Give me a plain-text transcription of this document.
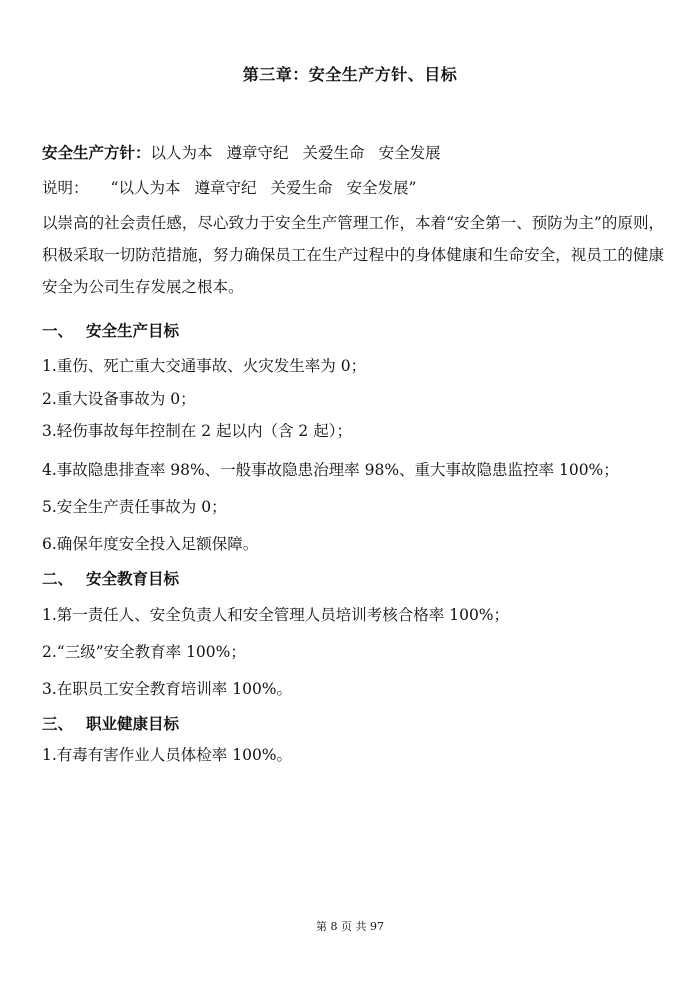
第三章：安全生产方针、目标
安全生产方针：以人为本 遵章守纪 关爱生命 安全发展
说明： “以人为本 遵章守纪 关爱生命 安全发展”
以崇高的社会责任感，尽心致力于安全生产管理工作，本着“安全第一、预防为主”的原则，积极采取一切防范措施，努力确保员工在生产过程中的身体健康和生命安全，视员工的健康安全为公司生存发展之根本。
一、 安全生产目标
1.重伤、死亡重大交通事故、火灾发生率为 0；
2.重大设备事故为 0；
3.轻伤事故每年控制在 2 起以内（含 2 起）；
4.事故隐患排查率 98%、一般事故隐患治理率 98%、重大事故隐患监控率 100%；
5.安全生产责任事故为 0；
6.确保年度安全投入足额保障。
二、 安全教育目标
1.第一责任人、安全负责人和安全管理人员培训考核合格率 100%；
2.“三级”安全教育率 100%；
3.在职员工安全教育培训率 100%。
三、 职业健康目标
1.有毒有害作业人员体检率 100%。
第 8 页 共 97
